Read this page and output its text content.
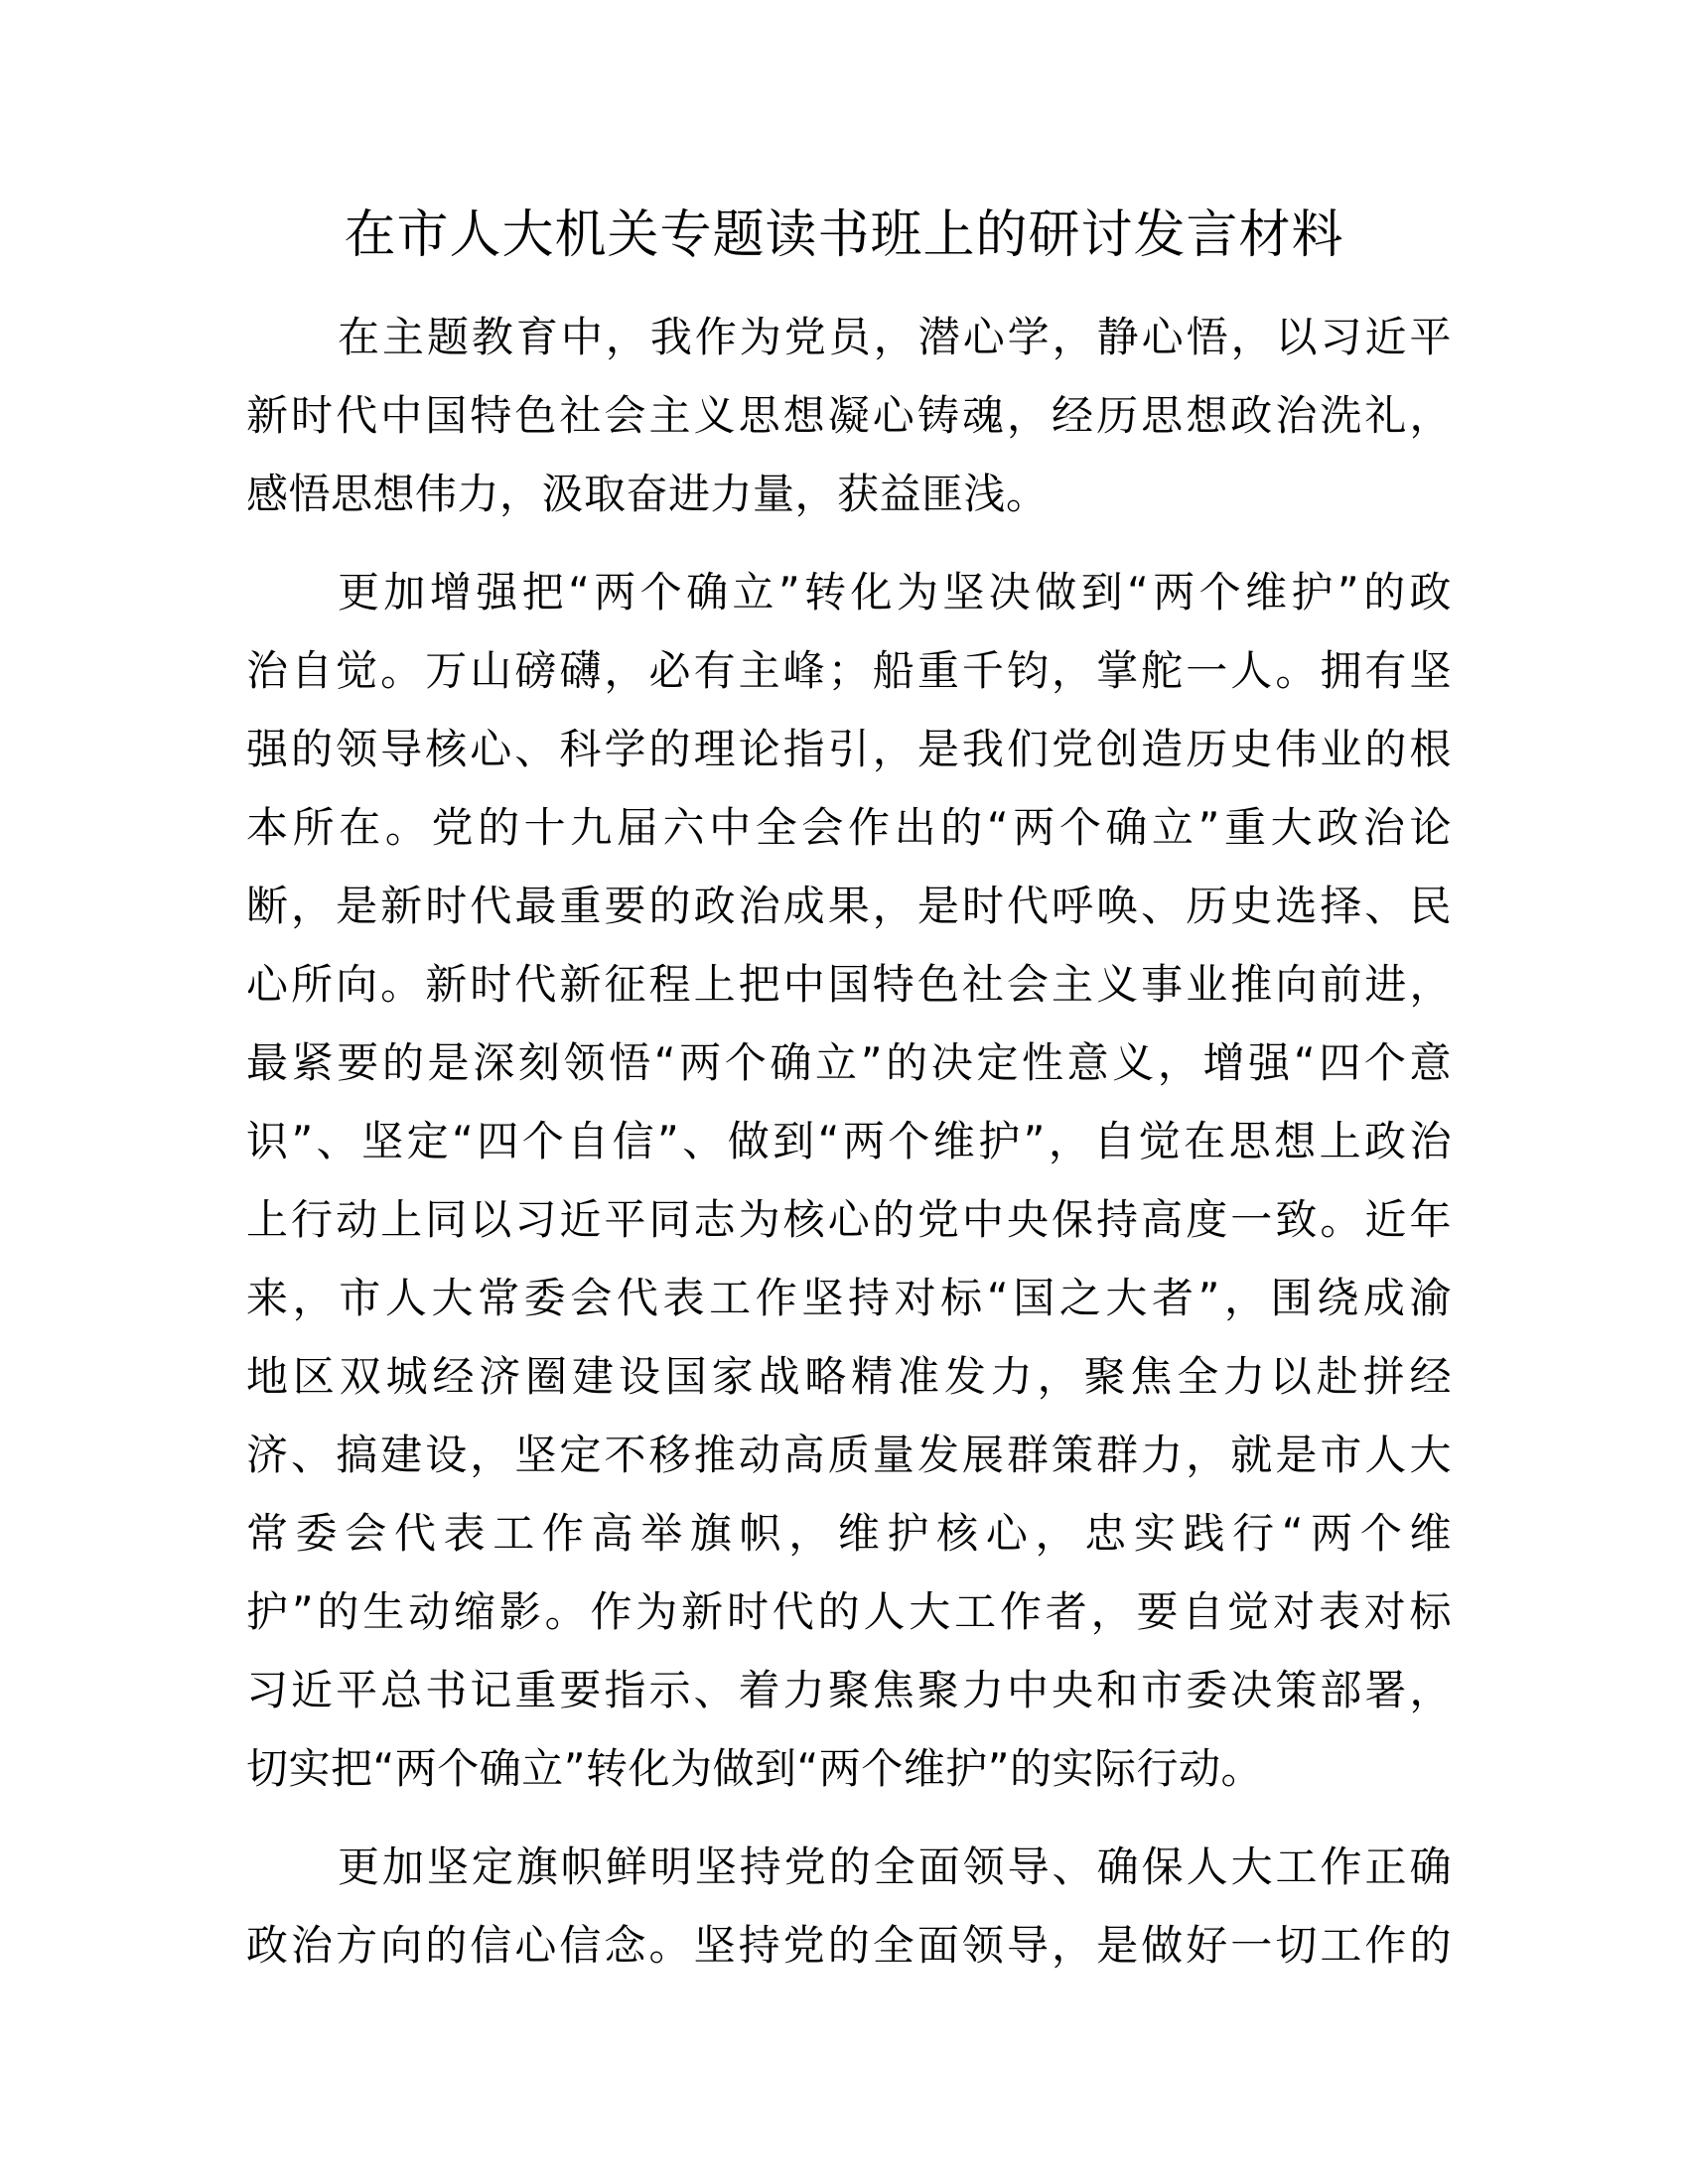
在市人大机关专题读书班上的研讨发言材料
在主题教育中，我作为党员，潜心学，静心悟，以习近平
新时代中国特色社会主义思想凝心铸魂，经历思想政治洗礼，
感悟思想伟力，汲取奋进力量，获益匪浅。
更加增强把“两个确立”转化为坚决做到“两个维护”的政
治自觉。万山磅礴，必有主峰；船重千钧，掌舵一人。拥有坚
强的领导核心、科学的理论指引，是我们党创造历史伟业的根
本所在。党的十九届六中全会作出的“两个确立”重大政治论
断，是新时代最重要的政治成果，是时代呼唤、历史选择、民
心所向。新时代新征程上把中国特色社会主义事业推向前进，
最紧要的是深刻领悟“两个确立”的决定性意义，增强“四个意
识”、坚定“四个自信”、做到“两个维护”，自觉在思想上政治
上行动上同以习近平同志为核心的党中央保持高度一致。近年
来，市人大常委会代表工作坚持对标“国之大者”，围绕成渝
地区双城经济圈建设国家战略精准发力，聚焦全力以赴拼经
济、搞建设，坚定不移推动高质量发展群策群力，就是市人大
常委会代表工作高举旗帜，维护核心，忠实践行“两个维
护”的生动缩影。作为新时代的人大工作者，要自觉对表对标
习近平总书记重要指示、着力聚焦聚力中央和市委决策部署，
切实把“两个确立”转化为做到“两个维护”的实际行动。
更加坚定旗帜鲜明坚持党的全面领导、确保人大工作正确
政治方向的信心信念。坚持党的全面领导，是做好一切工作的
